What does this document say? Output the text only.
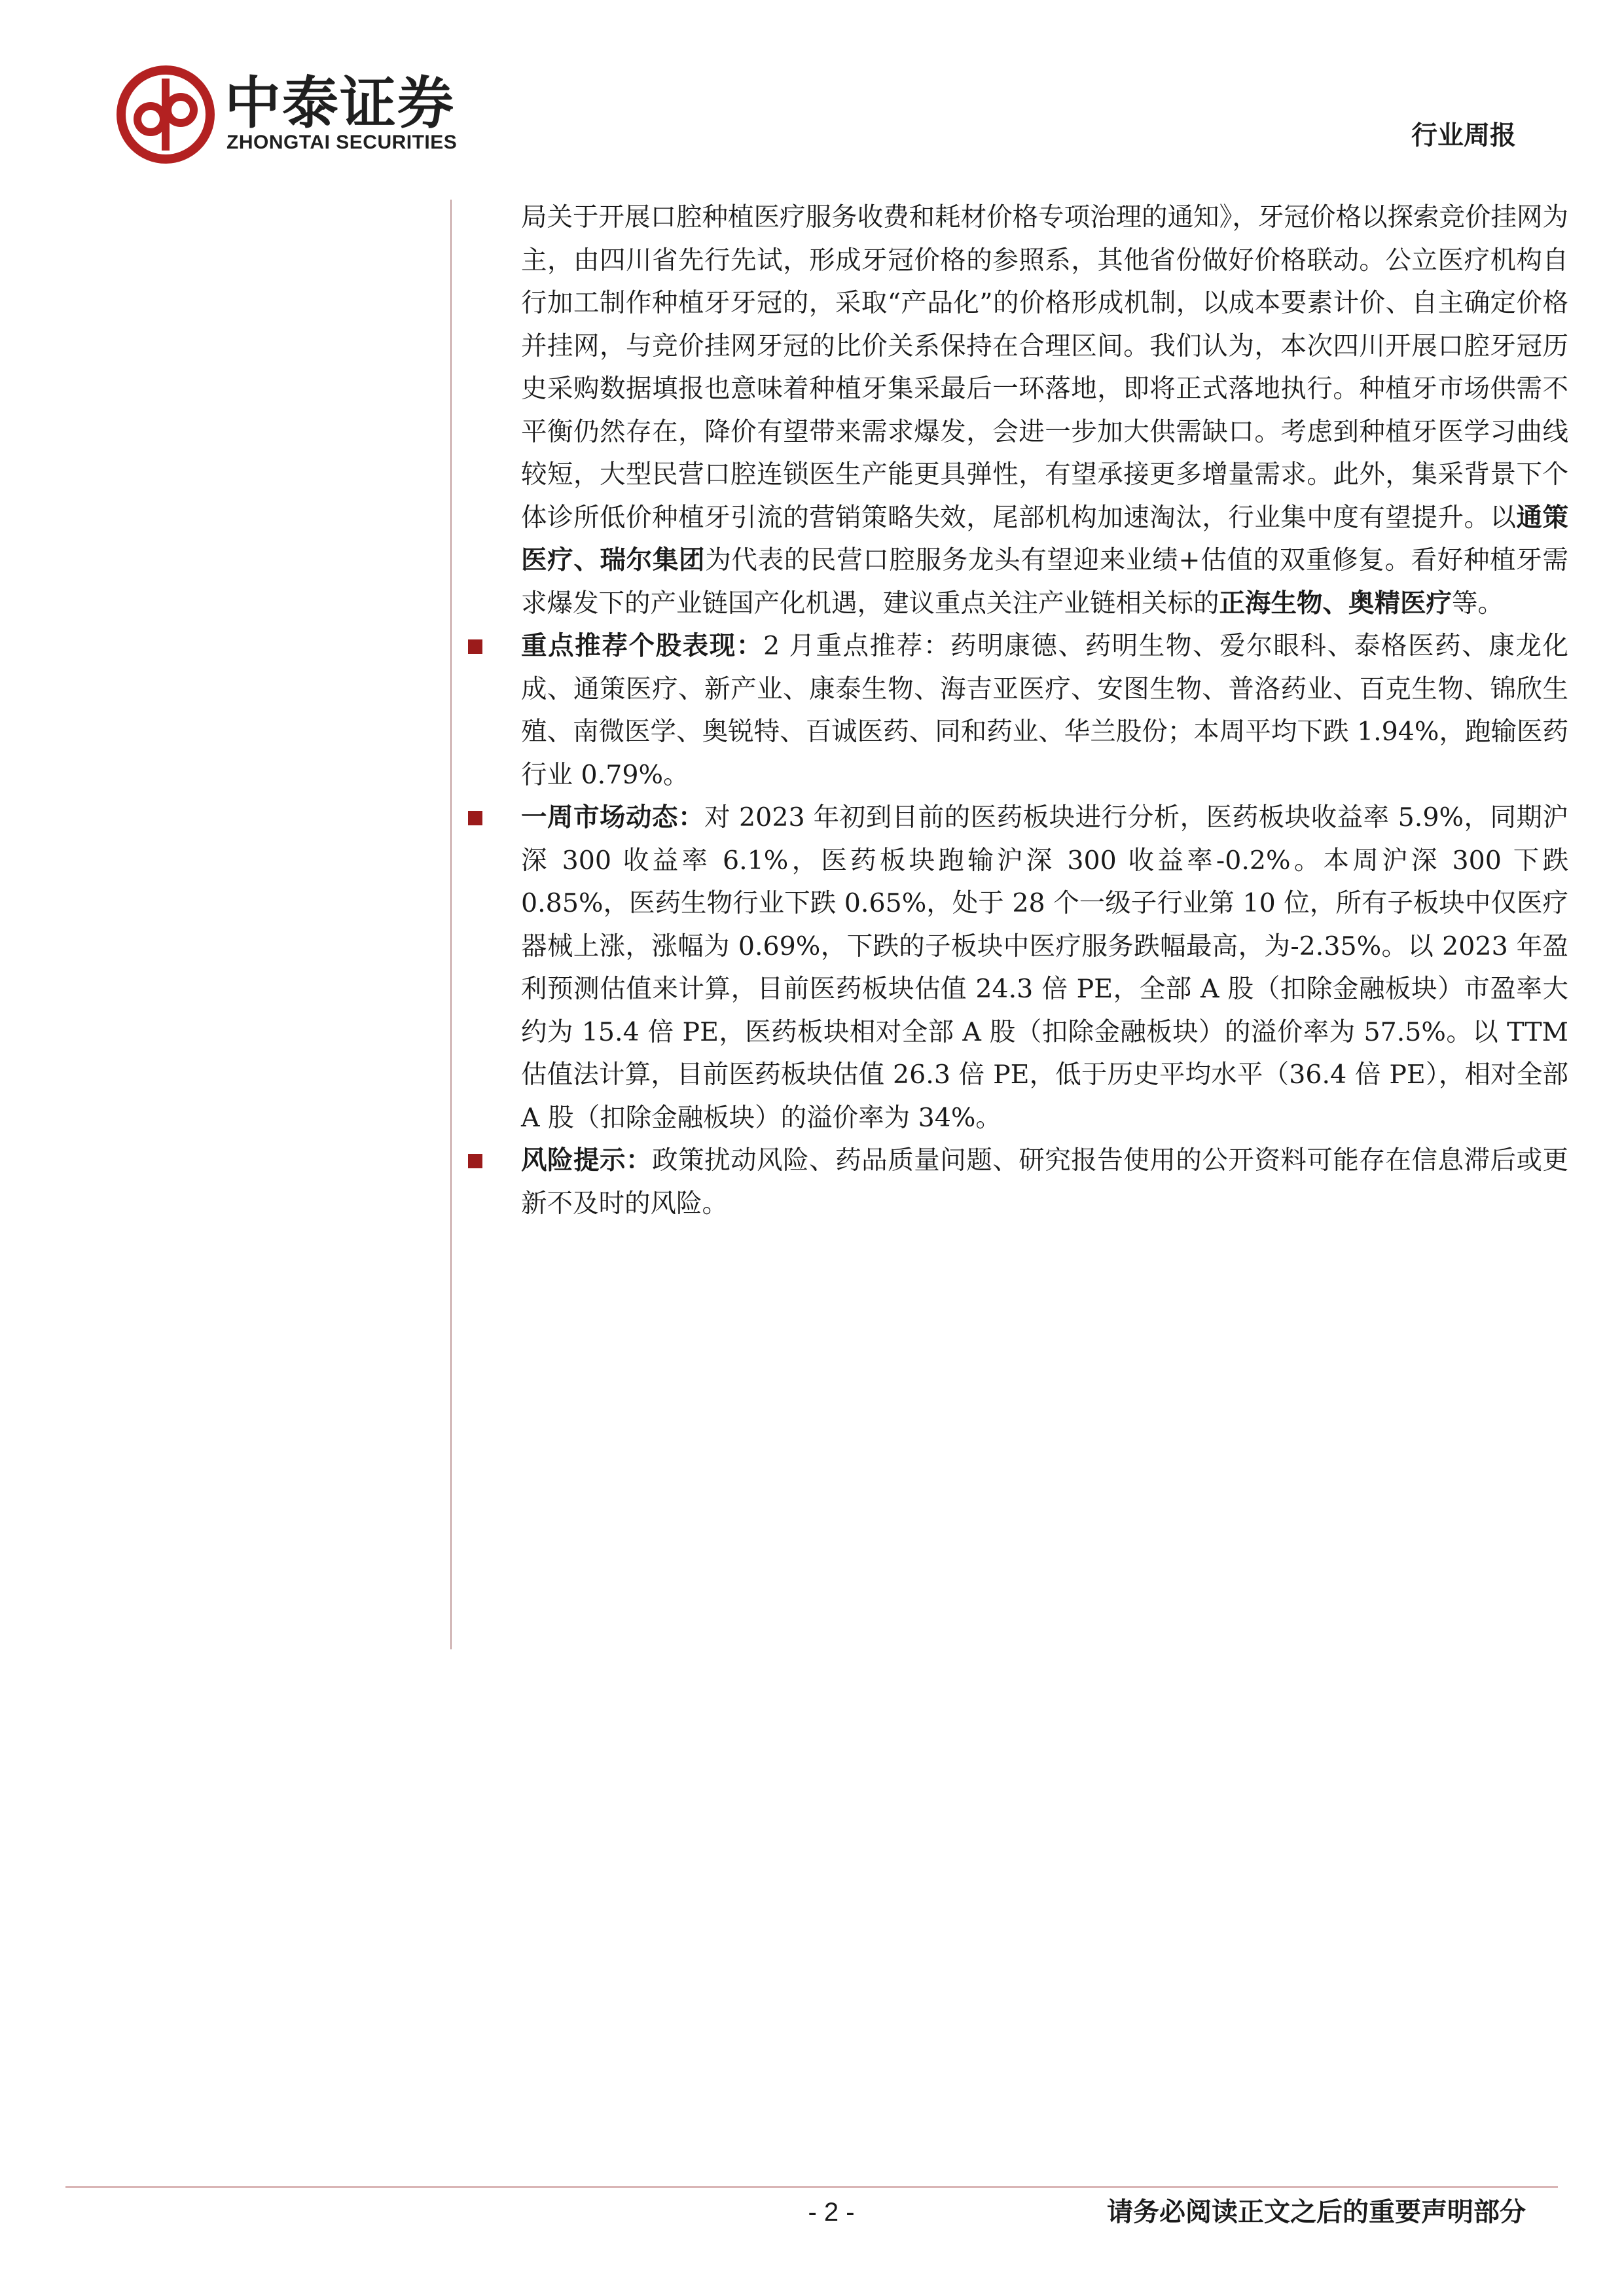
中泰证券
ZHONGTAI SECURITIES	行业周报

局关于开展口腔种植医疗服务收费和耗材价格专项治理的通知》，牙冠价格以探索竞价挂网为主，由四川省先行先试，形成牙冠价格的参照系，其他省份做好价格联动。公立医疗机构自行加工制作种植牙牙冠的，采取“产品化”的价格形成机制，以成本要素计价、自主确定价格并挂网，与竞价挂网牙冠的比价关系保持在合理区间。我们认为，本次四川开展口腔牙冠历史采购数据填报也意味着种植牙集采最后一环落地，即将正式落地执行。种植牙市场供需不平衡仍然存在，降价有望带来需求爆发，会进一步加大供需缺口。考虑到种植牙医学习曲线较短，大型民营口腔连锁医生产能更具弹性，有望承接更多增量需求。此外，集采背景下个体诊所低价种植牙引流的营销策略失效，尾部机构加速淘汰，行业集中度有望提升。以通策医疗、瑞尔集团为代表的民营口腔服务龙头有望迎来业绩+估值的双重修复。看好种植牙需求爆发下的产业链国产化机遇，建议重点关注产业链相关标的正海生物、奥精医疗等。

重点推荐个股表现：2 月重点推荐：药明康德、药明生物、爱尔眼科、泰格医药、康龙化成、通策医疗、新产业、康泰生物、海吉亚医疗、安图生物、普洛药业、百克生物、锦欣生殖、南微医学、奥锐特、百诚医药、同和药业、华兰股份；本周平均下跌 1.94%，跑输医药行业 0.79%。

一周市场动态：对 2023 年初到目前的医药板块进行分析，医药板块收益率 5.9%，同期沪深 300 收益率 6.1%，医药板块跑输沪深 300 收益率-0.2%。本周沪深 300 下跌 0.85%，医药生物行业下跌 0.65%，处于 28 个一级子行业第 10 位，所有子板块中仅医疗器械上涨，涨幅为 0.69%，下跌的子板块中医疗服务跌幅最高，为-2.35%。以 2023 年盈利预测估值来计算，目前医药板块估值 24.3 倍 PE，全部 A 股（扣除金融板块）市盈率大约为 15.4 倍 PE，医药板块相对全部 A 股（扣除金融板块）的溢价率为 57.5%。以 TTM 估值法计算，目前医药板块估值 26.3 倍 PE，低于历史平均水平（36.4 倍 PE），相对全部 A 股（扣除金融板块）的溢价率为 34%。

风险提示：政策扰动风险、药品质量问题、研究报告使用的公开资料可能存在信息滞后或更新不及时的风险。

- 2 -	请务必阅读正文之后的重要声明部分
